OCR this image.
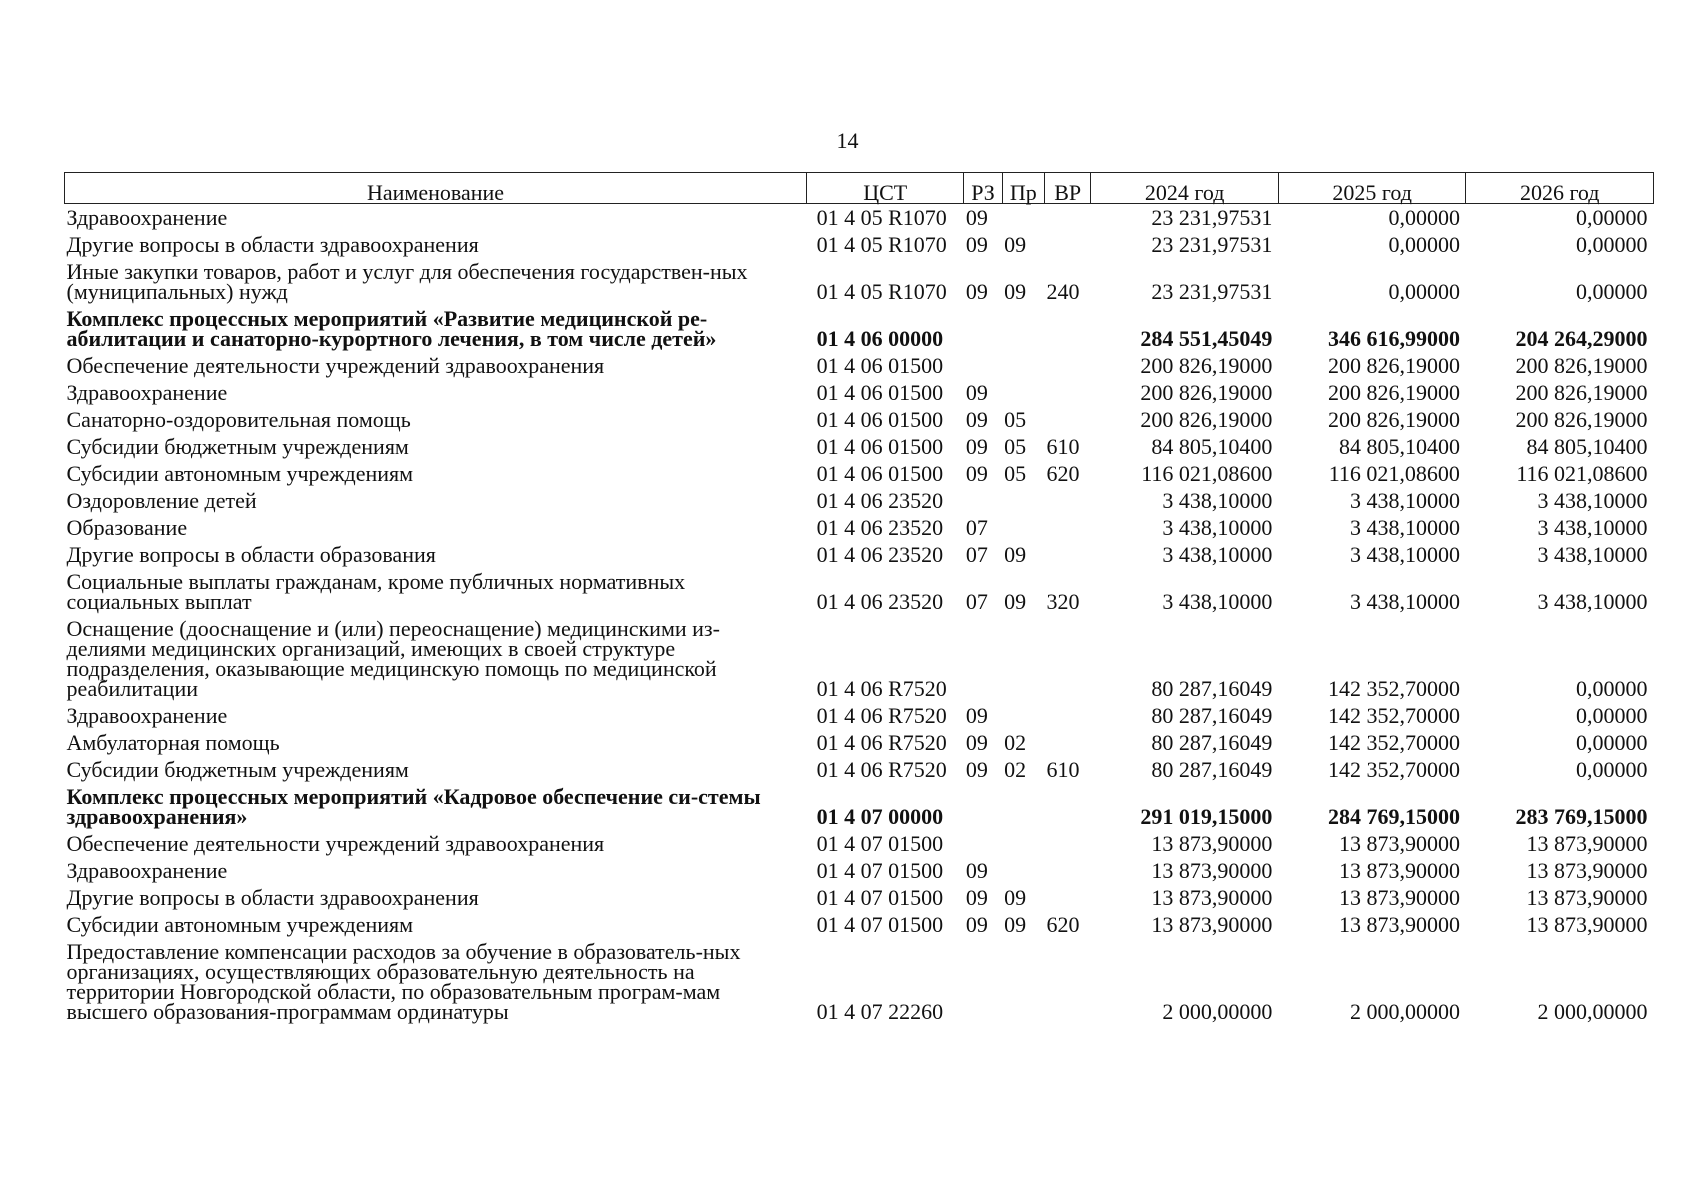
14
Наименование	ЦСТ	РЗ	Пр	ВР	2024 год	2025 год	2026 год
Здравоохранение	01 4 05 R1070	09			23 231,97531	0,00000	0,00000
Другие вопросы в области здравоохранения	01 4 05 R1070	09	09		23 231,97531	0,00000	0,00000
Иные закупки товаров, работ и услуг для обеспечения государствен-ных (муниципальных) нужд	01 4 05 R1070	09	09	240	23 231,97531	0,00000	0,00000
Комплекс процессных мероприятий «Развитие медицинской ре-абилитации и санаторно-курортного лечения, в том числе детей»	01 4 06 00000				284 551,45049	346 616,99000	204 264,29000
Обеспечение деятельности учреждений здравоохранения	01 4 06 01500				200 826,19000	200 826,19000	200 826,19000
Здравоохранение	01 4 06 01500	09			200 826,19000	200 826,19000	200 826,19000
Санаторно-оздоровительная помощь	01 4 06 01500	09	05		200 826,19000	200 826,19000	200 826,19000
Субсидии бюджетным учреждениям	01 4 06 01500	09	05	610	84 805,10400	84 805,10400	84 805,10400
Субсидии автономным учреждениям	01 4 06 01500	09	05	620	116 021,08600	116 021,08600	116 021,08600
Оздоровление детей	01 4 06 23520				3 438,10000	3 438,10000	3 438,10000
Образование	01 4 06 23520	07			3 438,10000	3 438,10000	3 438,10000
Другие вопросы в области образования	01 4 06 23520	07	09		3 438,10000	3 438,10000	3 438,10000
Социальные выплаты гражданам, кроме публичных нормативных социальных выплат	01 4 06 23520	07	09	320	3 438,10000	3 438,10000	3 438,10000
Оснащение (дооснащение и (или) переоснащение) медицинскими из-делиями медицинских организаций, имеющих в своей структуре подразделения, оказывающие медицинскую помощь по медицинской реабилитации	01 4 06 R7520				80 287,16049	142 352,70000	0,00000
Здравоохранение	01 4 06 R7520	09			80 287,16049	142 352,70000	0,00000
Амбулаторная помощь	01 4 06 R7520	09	02		80 287,16049	142 352,70000	0,00000
Субсидии бюджетным учреждениям	01 4 06 R7520	09	02	610	80 287,16049	142 352,70000	0,00000
Комплекс процессных мероприятий «Кадровое обеспечение си-стемы здравоохранения»	01 4 07 00000				291 019,15000	284 769,15000	283 769,15000
Обеспечение деятельности учреждений здравоохранения	01 4 07 01500				13 873,90000	13 873,90000	13 873,90000
Здравоохранение	01 4 07 01500	09			13 873,90000	13 873,90000	13 873,90000
Другие вопросы в области здравоохранения	01 4 07 01500	09	09		13 873,90000	13 873,90000	13 873,90000
Субсидии автономным учреждениям	01 4 07 01500	09	09	620	13 873,90000	13 873,90000	13 873,90000
Предоставление компенсации расходов за обучение в образователь-ных организациях, осуществляющих образовательную деятельность на территории Новгородской области, по образовательным програм-мам высшего образования-программам ординатуры	01 4 07 22260				2 000,00000	2 000,00000	2 000,00000
